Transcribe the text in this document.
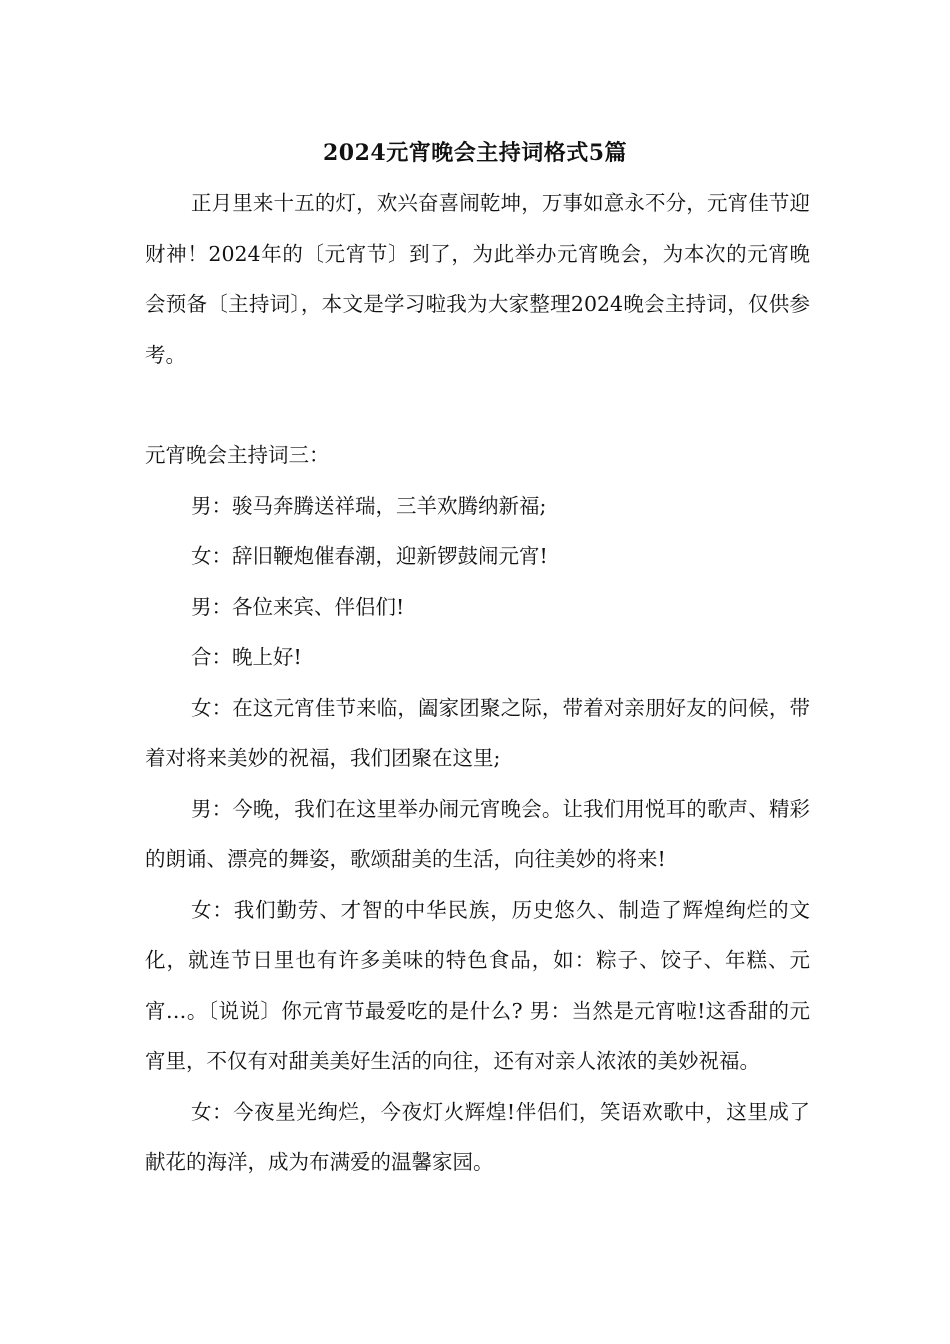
2024元宵晚会主持词格式5篇

正月里来十五的灯，欢兴奋喜闹乾坤，万事如意永不分，元宵佳节迎财神！2024年的〔元宵节〕到了，为此举办元宵晚会，为本次的元宵晚会预备〔主持词〕，本文是学习啦我为大家整理2024晚会主持词，仅供参考。

元宵晚会主持词三：

男：骏马奔腾送祥瑞，三羊欢腾纳新福;

女：辞旧鞭炮催春潮，迎新锣鼓闹元宵!

男：各位来宾、伴侣们!

合：晚上好!

女：在这元宵佳节来临，阖家团聚之际，带着对亲朋好友的问候，带着对将来美妙的祝福，我们团聚在这里;

男：今晚，我们在这里举办闹元宵晚会。让我们用悦耳的歌声、精彩的朗诵、漂亮的舞姿，歌颂甜美的生活，向往美妙的将来!

女：我们勤劳、才智的中华民族，历史悠久、制造了辉煌绚烂的文化，就连节日里也有许多美味的特色食品，如：粽子、饺子、年糕、元宵…。〔说说〕你元宵节最爱吃的是什么? 男：当然是元宵啦!这香甜的元宵里，不仅有对甜美美好生活的向往，还有对亲人浓浓的美妙祝福。

女：今夜星光绚烂，今夜灯火辉煌!伴侣们，笑语欢歌中，这里成了献花的海洋，成为布满爱的温馨家园。
